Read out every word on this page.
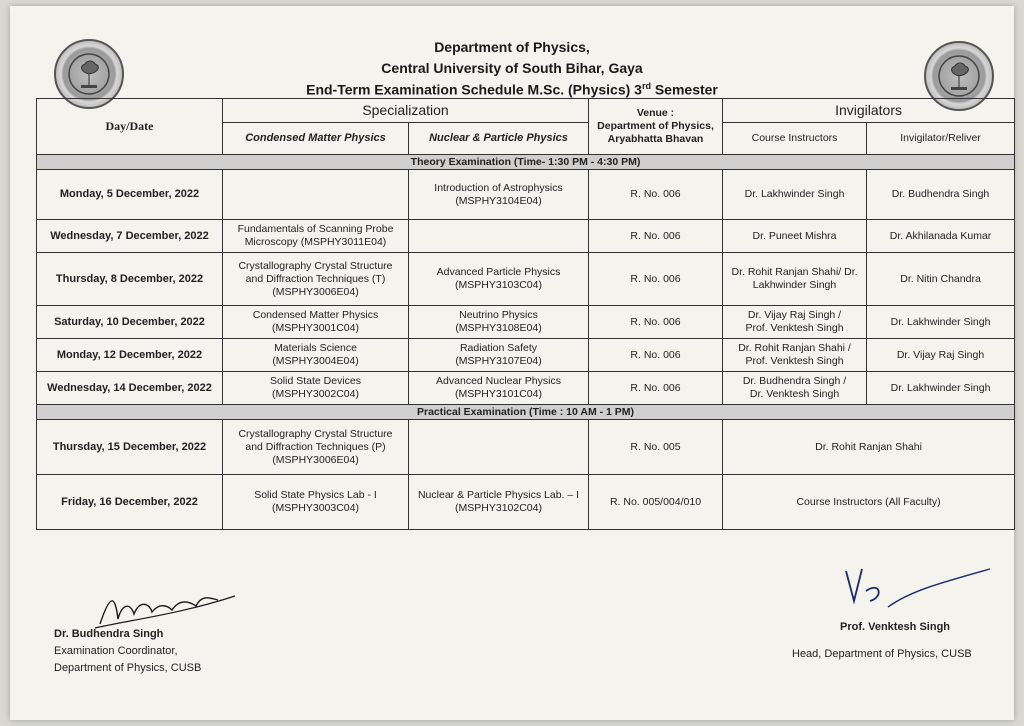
Department of Physics,
Central University of South Bihar, Gaya
End-Term Examination Schedule M.Sc. (Physics) 3rd Semester
Day/Date	Specialization		Venue :
Department of Physics,
Aryabhatta Bhavan	Invigilators	
	Condensed Matter Physics	Nuclear & Particle Physics		Course Instructors	Invigilator/Reliver
Theory Examination (Time- 1:30 PM - 4:30 PM)					
Monday, 5 December, 2022		Introduction of Astrophysics
(MSPHY3104E04)	R. No. 006	Dr. Lakhwinder Singh	Dr. Budhendra Singh
Wednesday, 7 December, 2022	Fundamentals of Scanning Probe
Microscopy (MSPHY3011E04)		R. No. 006	Dr. Puneet Mishra	Dr. Akhilanada Kumar
Thursday, 8 December, 2022	Crystallography Crystal Structure
and Diffraction Techniques (T)
(MSPHY3006E04)	Advanced Particle Physics
(MSPHY3103C04)	R. No. 006	Dr. Rohit Ranjan Shahi/ Dr.
Lakhwinder Singh	Dr. Nitin Chandra
Saturday, 10 December, 2022	Condensed Matter Physics
(MSPHY3001C04)	Neutrino Physics
(MSPHY3108E04)	R. No. 006	Dr. Vijay Raj Singh /
Prof. Venktesh Singh	Dr. Lakhwinder Singh
Monday, 12 December, 2022	Materials Science
(MSPHY3004E04)	Radiation Safety
(MSPHY3107E04)	R. No. 006	Dr. Rohit Ranjan Shahi /
Prof. Venktesh Singh	Dr. Vijay Raj Singh
Wednesday, 14 December, 2022	Solid State Devices
(MSPHY3002C04)	Advanced Nuclear Physics
(MSPHY3101C04)	R. No. 006	Dr. Budhendra Singh /
Dr. Venktesh Singh	Dr. Lakhwinder Singh
Practical Examination (Time : 10 AM - 1 PM)					
Thursday, 15 December, 2022	Crystallography Crystal Structure
and Diffraction Techniques (P)
(MSPHY3006E04)		R. No. 005	Dr. Rohit Ranjan Shahi	
Friday, 16 December, 2022	Solid State Physics Lab - I
(MSPHY3003C04)	Nuclear & Particle Physics Lab. – I
(MSPHY3102C04)	R. No. 005/004/010	Course Instructors (All Faculty)	
Dr. Budhendra Singh
Examination Coordinator,
Department of Physics, CUSB
Prof. Venktesh Singh
Head, Department of Physics, CUSB
